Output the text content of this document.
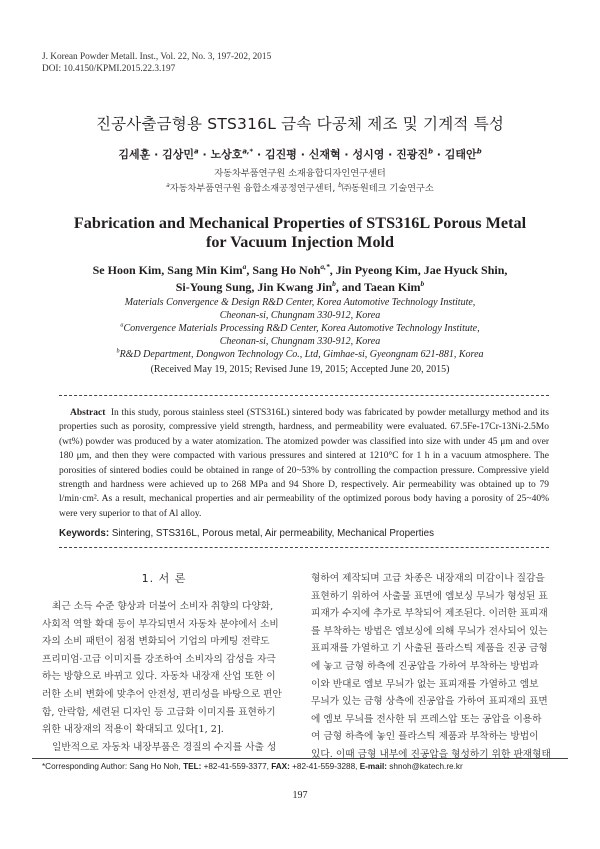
J. Korean Powder Metall. Inst., Vol. 22, No. 3, 197-202, 2015
DOI: 10.4150/KPMI.2015.22.3.197
진공사출금형용 STS316L 금속 다공체 제조 및 기계적 특성
김세훈 · 김상민$^a$ · 노상호$^{a,*}$ · 김진평 · 신재혁 · 성시영 · 진광진$^b$ · 김태안$^b$
자동차부품연구원 소재융합디자인연구센터
$^a$자동차부품연구원 융합소재공정연구센터, $^b$㈜동원테크 기술연구소
Fabrication and Mechanical Properties of STS316L Porous Metal
for Vacuum Injection Mold
Se Hoon Kim, Sang Min Kim$^a$, Sang Ho Noh$^{a,*}$, Jin Pyeong Kim, Jae Hyuck Shin,
Si-Young Sung, Jin Kwang Jin$^b$, and Taean Kim$^b$
Materials Convergence & Design R&D Center, Korea Automotive Technology Institute,
Cheonan-si, Chungnam 330-912, Korea
$^a$Convergence Materials Processing R&D Center, Korea Automotive Technology Institute,
Cheonan-si, Chungnam 330-912, Korea
$^b$R&D Department, Dongwon Technology Co., Ltd, Gimhae-si, Gyeongnam 621-881, Korea
(Received May 19, 2015; Revised June 19, 2015; Accepted June 20, 2015)
Abstract In this study, porous stainless steel (STS316L) sintered body was fabricated by powder metallurgy method and its properties such as porosity, compressive yield strength, hardness, and permeability were evaluated. 67.5Fe-17Cr-13Ni-2.5Mo (wt%) powder was produced by a water atomization. The atomized powder was classified into size with under 45 μm and over 180 μm, and then they were compacted with various pressures and sintered at 1210°C for 1 h in a vacuum atmosphere. The porosities of sintered bodies could be obtained in range of 20~53% by controlling the compaction pressure. Compressive yield strength and hardness were achieved up to 268 MPa and 94 Shore D, respectively. Air permeability was obtained up to 79 l/min·cm². As a result, mechanical properties and air permeability of the optimized porous body having a porosity of 25~40% were very superior to that of Al alloy.
Keywords: Sintering, STS316L, Porous metal, Air permeability, Mechanical Properties
1. 서 론
최근 소득 수준 향상과 더불어 소비자 취향의 다양화,
사회적 역할 확대 등이 부각되면서 자동차 분야에서 소비
자의 소비 패턴이 점점 변화되어 기업의 마케팅 전략도
프리미엄·고급 이미지를 강조하여 소비자의 감성을 자극
하는 방향으로 바뀌고 있다. 자동차 내장재 산업 또한 이
러한 소비 변화에 맞추어 안전성, 편리성을 바탕으로 편안
함, 안락함, 세련된 디자인 등 고급화 이미지를 표현하기
위한 내장재의 적용이 확대되고 있다[1, 2].
일반적으로 자동차 내장부품은 경질의 수지를 사출 성
형하여 제작되며 고급 차종은 내장재의 미감이나 질감을
표현하기 위하여 사출물 표면에 엠보싱 무늬가 형성된 표
피재가 수지에 추가로 부착되어 제조된다. 이러한 표피재
를 부착하는 방법은 엠보싱에 의해 무늬가 전사되어 있는
표피재를 가열하고 기 사출된 플라스틱 제품을 진공 금형
에 놓고 금형 하측에 진공압을 가하여 부착하는 방법과
이와 반대로 엠보 무늬가 없는 표피재를 가열하고 엠보
무늬가 있는 금형 상측에 진공압을 가하여 표피재의 표면
에 엠보 무늬를 전사한 뒤 프레스압 또는 공압을 이용하
여 금형 하측에 놓인 플라스틱 제품과 부착하는 방법이
있다. 이때 금형 내부에 진공압을 형성하기 위한 판재형태
*Corresponding Author: Sang Ho Noh, TEL: +82-41-559-3377, FAX: +82-41-559-3288, E-mail: shnoh@katech.re.kr
197
